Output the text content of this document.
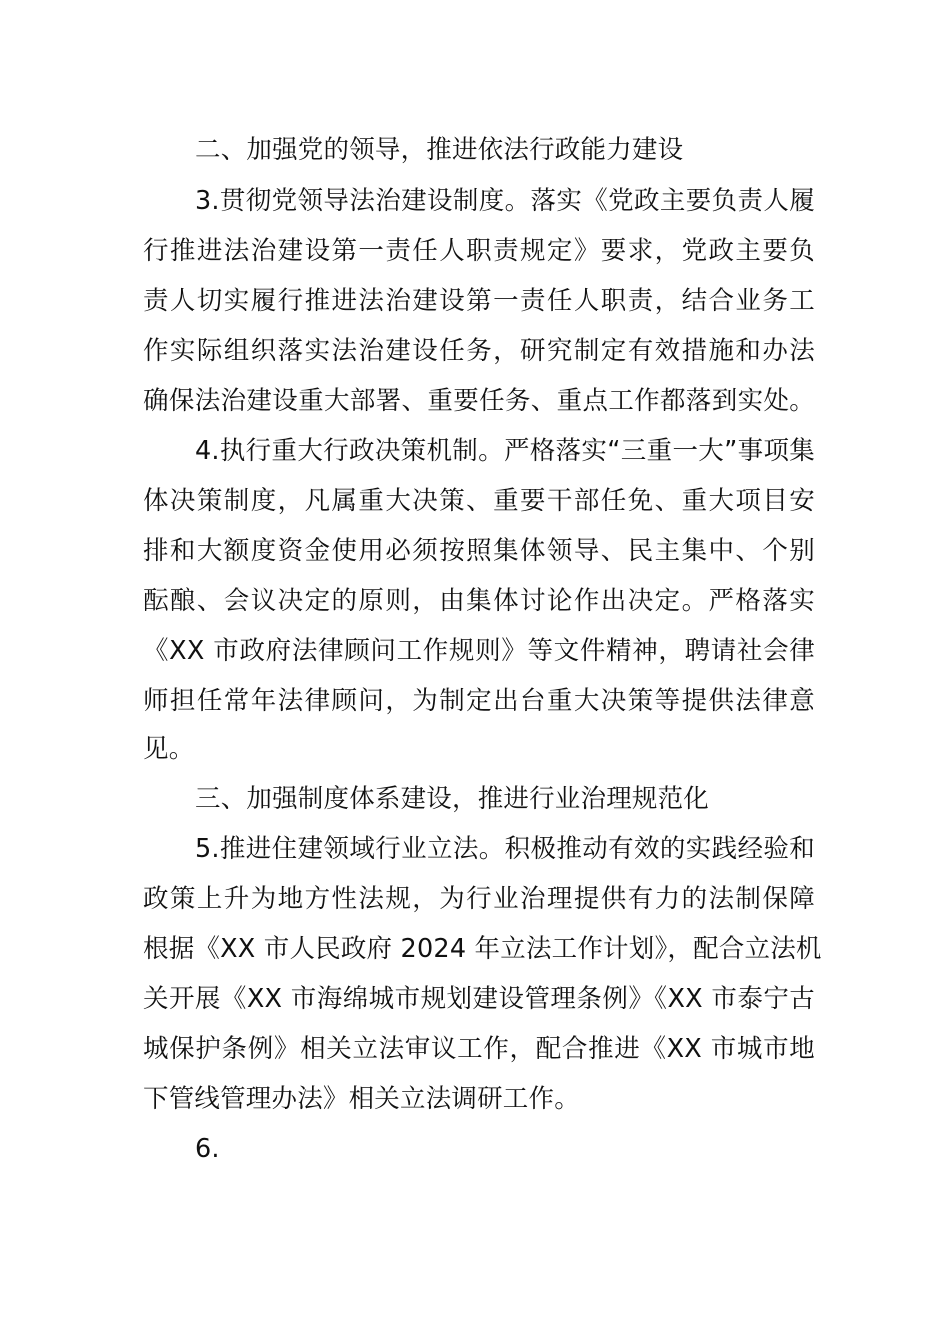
二、加强党的领导，推进依法行政能力建设
3.贯彻党领导法治建设制度。落实《党政主要负责人履
行推进法治建设第一责任人职责规定》要求，党政主要负
责人切实履行推进法治建设第一责任人职责，结合业务工
作实际组织落实法治建设任务，研究制定有效措施和办法
确保法治建设重大部署、重要任务、重点工作都落到实处。
4.执行重大行政决策机制。严格落实“三重一大”事项集
体决策制度，凡属重大决策、重要干部任免、重大项目安
排和大额度资金使用必须按照集体领导、民主集中、个别
酝酿、会议决定的原则，由集体讨论作出决定。严格落实
《XX 市政府法律顾问工作规则》等文件精神，聘请社会律
师担任常年法律顾问，为制定出台重大决策等提供法律意
见。
三、加强制度体系建设，推进行业治理规范化
5.推进住建领域行业立法。积极推动有效的实践经验和
政策上升为地方性法规，为行业治理提供有力的法制保障
根据《XX 市人民政府 2024 年立法工作计划》，配合立法机
关开展《XX 市海绵城市规划建设管理条例》《XX 市泰宁古
城保护条例》相关立法审议工作，配合推进《XX 市城市地
下管线管理办法》相关立法调研工作。
6.
